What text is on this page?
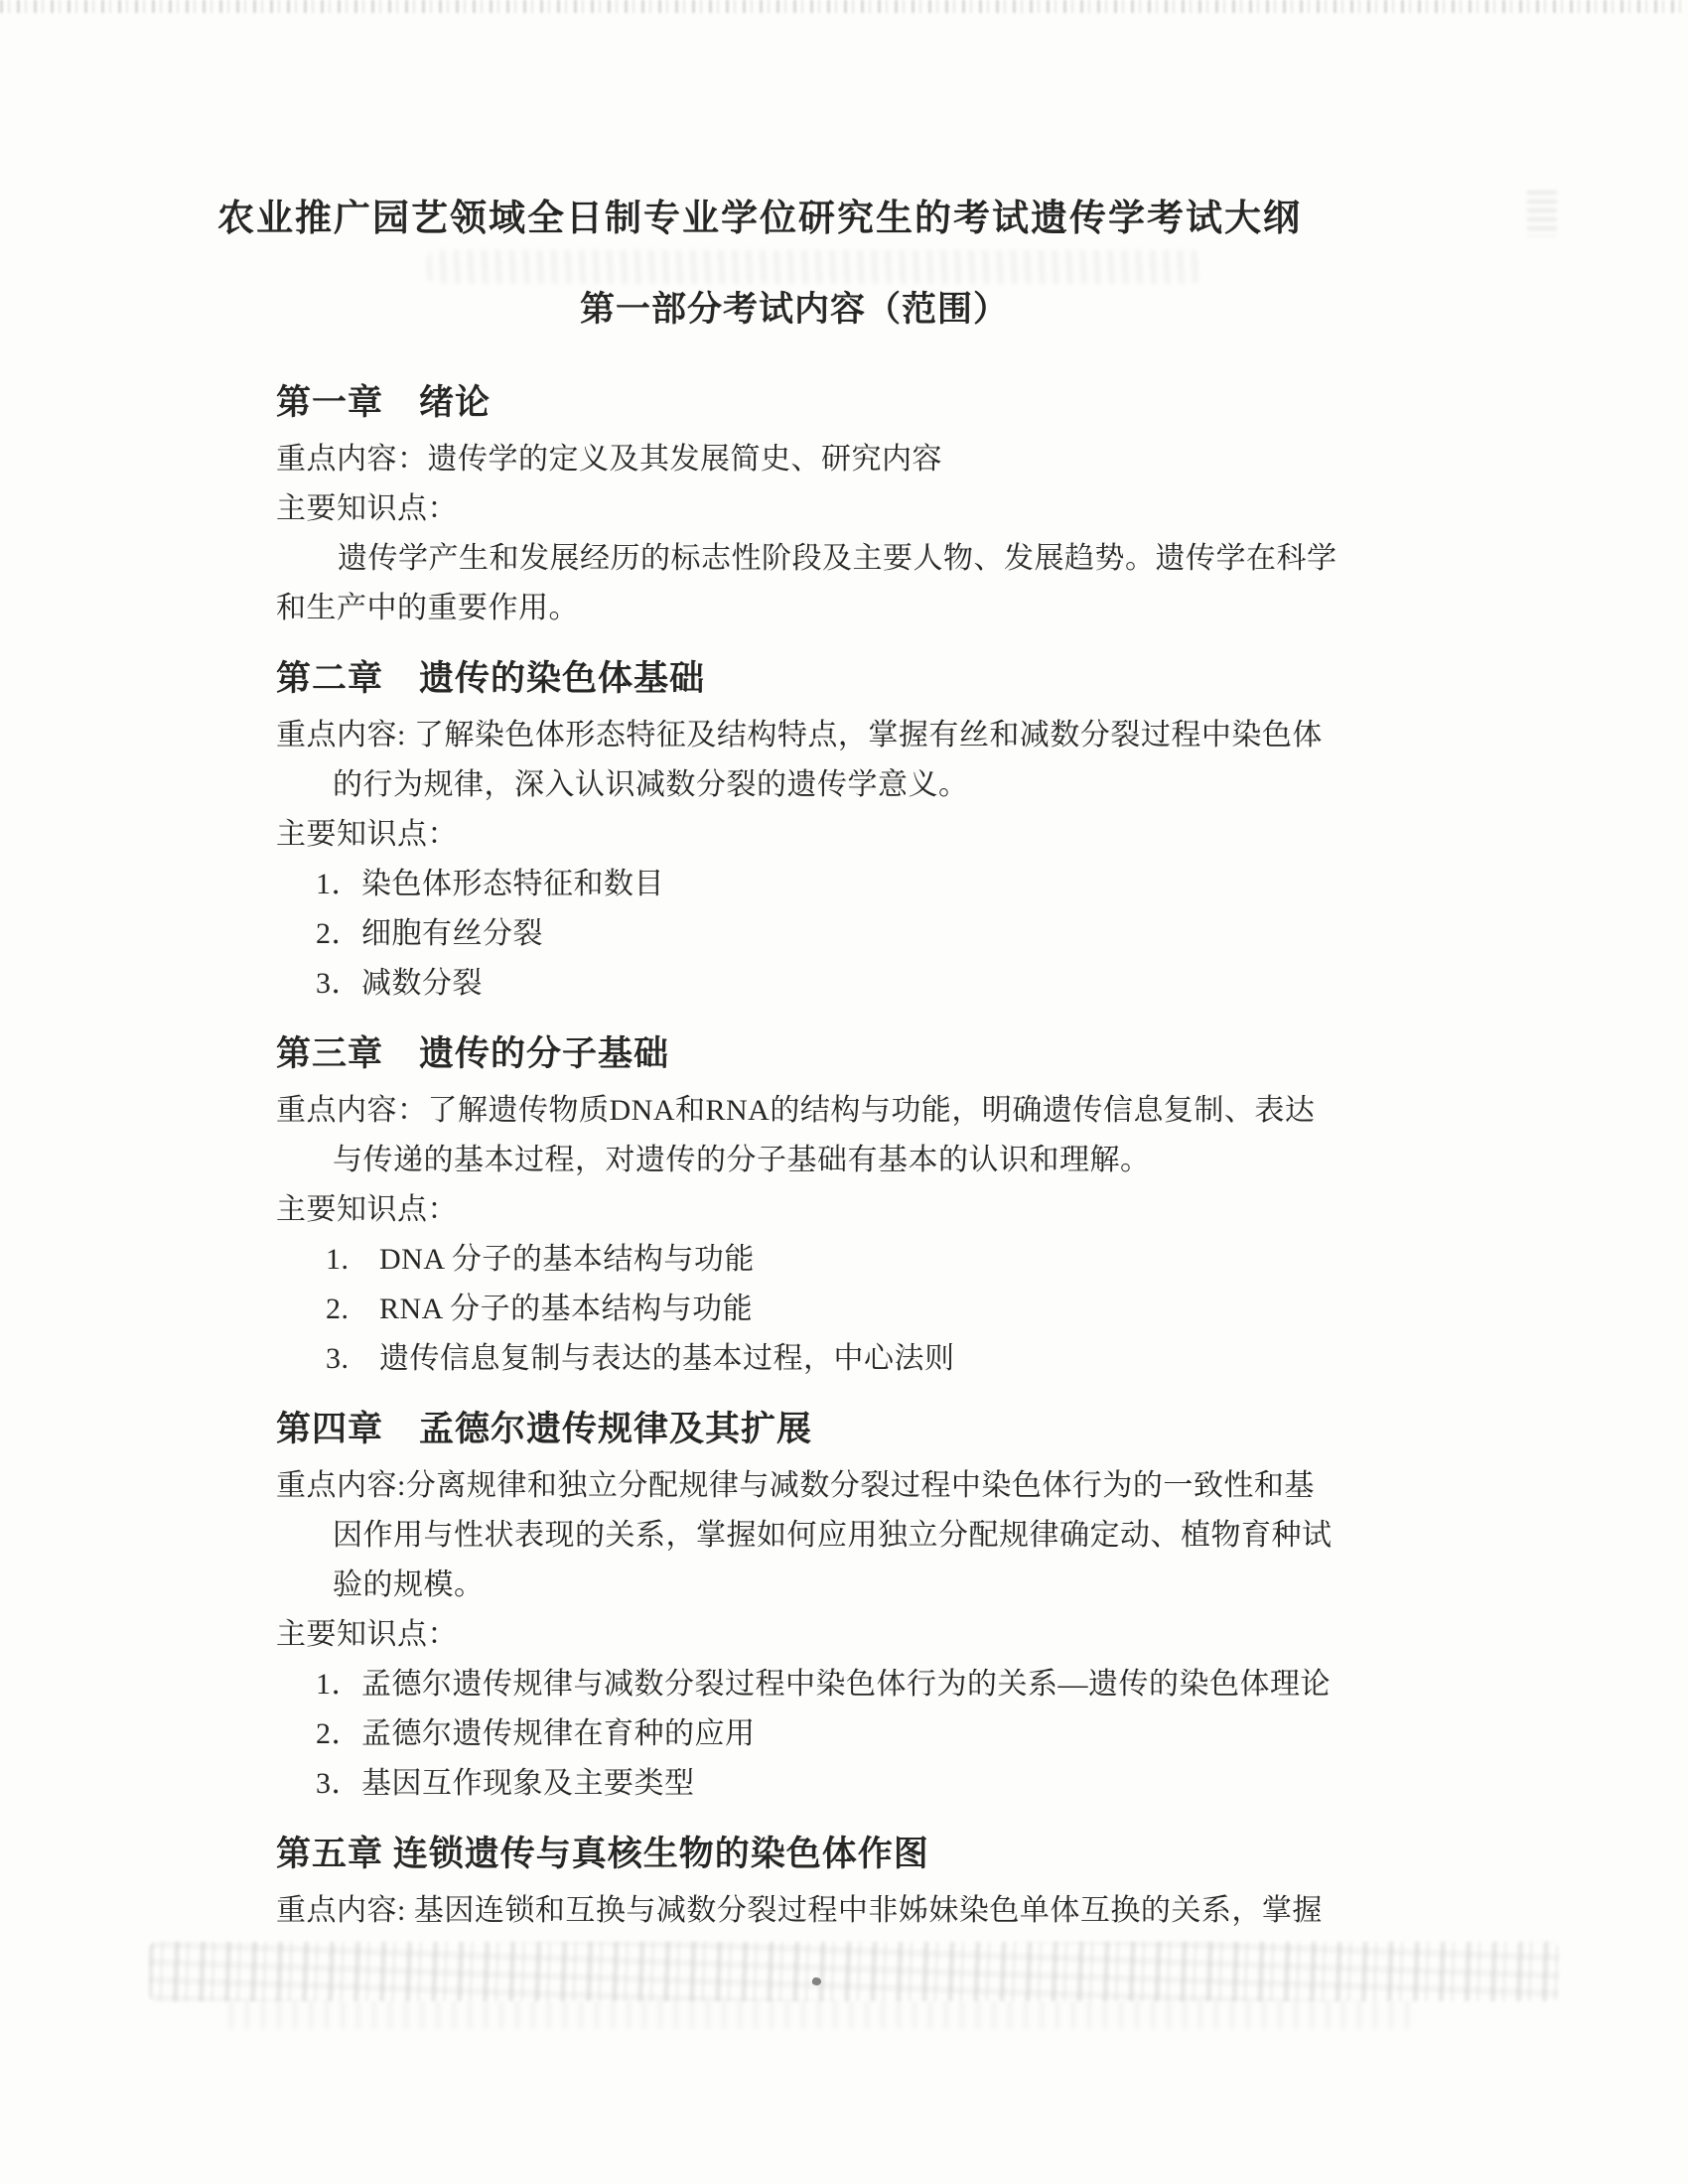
农业推广园艺领域全日制专业学位研究生的考试遗传学考试大纲
第一部分考试内容（范围）
第一章　绪论
重点内容：遗传学的定义及其发展简史、研究内容
主要知识点：
遗传学产生和发展经历的标志性阶段及主要人物、发展趋势。遗传学在科学
和生产中的重要作用。
第二章　遗传的染色体基础
重点内容: 了解染色体形态特征及结构特点，掌握有丝和减数分裂过程中染色体
的行为规律，深入认识减数分裂的遗传学意义。
主要知识点：
1．染色体形态特征和数目
2．细胞有丝分裂
3．减数分裂
第三章　遗传的分子基础
重点内容：了解遗传物质DNA和RNA的结构与功能，明确遗传信息复制、表达
与传递的基本过程，对遗传的分子基础有基本的认识和理解。
主要知识点：
1.　DNA 分子的基本结构与功能
2.　RNA 分子的基本结构与功能
3.　遗传信息复制与表达的基本过程，中心法则
第四章　孟德尔遗传规律及其扩展
重点内容:分离规律和独立分配规律与减数分裂过程中染色体行为的一致性和基
因作用与性状表现的关系，掌握如何应用独立分配规律确定动、植物育种试
验的规模。
主要知识点：
1．孟德尔遗传规律与减数分裂过程中染色体行为的关系—遗传的染色体理论
2．孟德尔遗传规律在育种的应用
3．基因互作现象及主要类型
第五章 连锁遗传与真核生物的染色体作图
重点内容: 基因连锁和互换与减数分裂过程中非姊妹染色单体互换的关系，掌握
